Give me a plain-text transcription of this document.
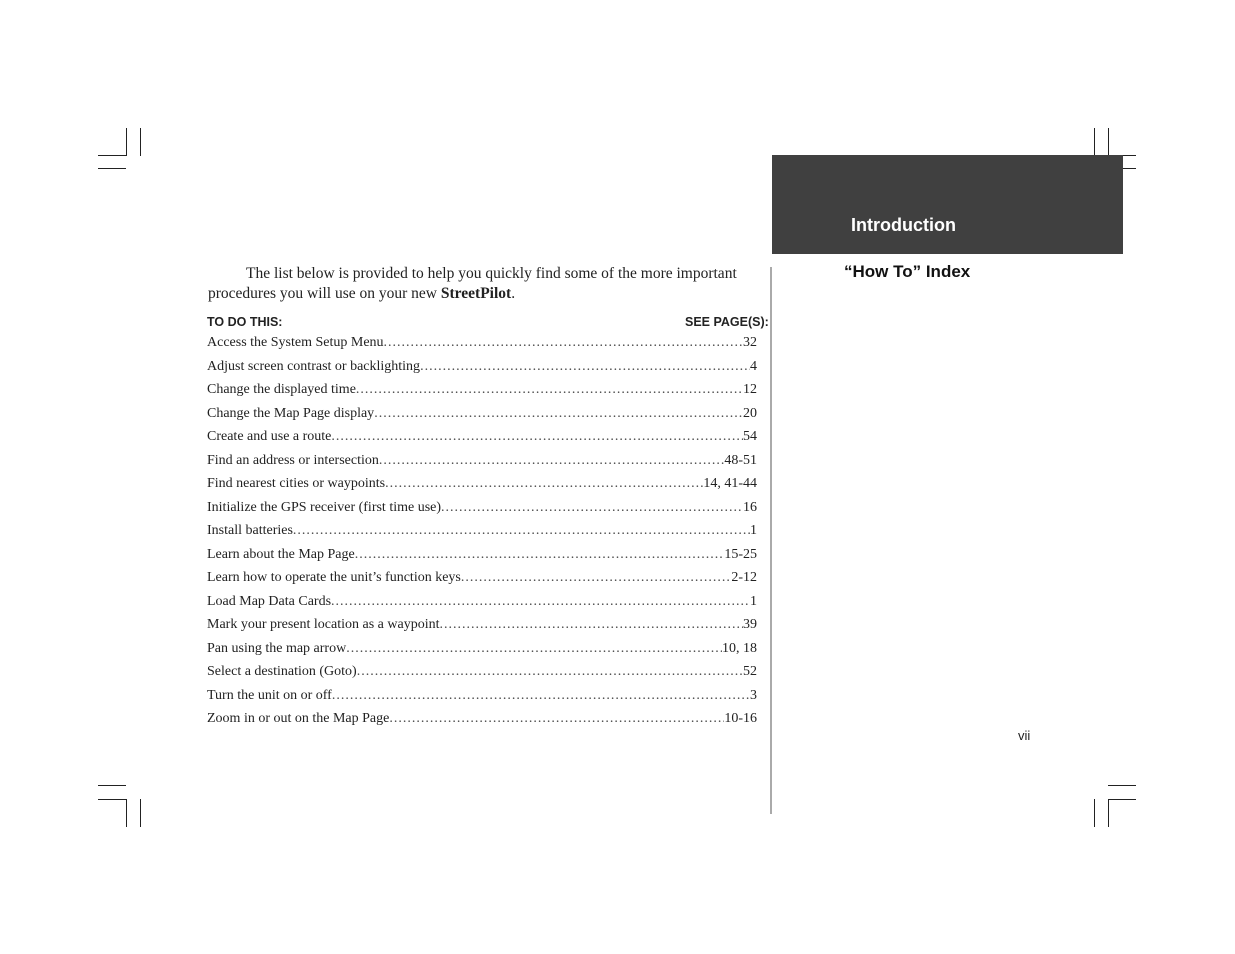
Introduction
“How To” Index
The list below is provided to help you quickly find some of the more important procedures you will use on your new StreetPilot.
TO DO THIS:	SEE PAGE(S):
Access the System Setup Menu .....	32
Adjust screen contrast or backlighting .....	4
Change the displayed time .....	12
Change the Map Page display .....	20
Create and use a route .....	54
Find an address or intersection .....	48-51
Find nearest cities or waypoints .....	14, 41-44
Initialize the GPS receiver (first time use) .....	16
Install batteries .....	1
Learn about the Map Page .....	15-25
Learn how to operate the unit’s function keys .....	2-12
Load Map Data Cards .....	1
Mark your present location as a waypoint .....	39
Pan using the map arrow .....	10, 18
Select a destination (Goto) .....	52
Turn the unit on or off .....	3
Zoom in or out on the Map Page .....	10-16
vii
